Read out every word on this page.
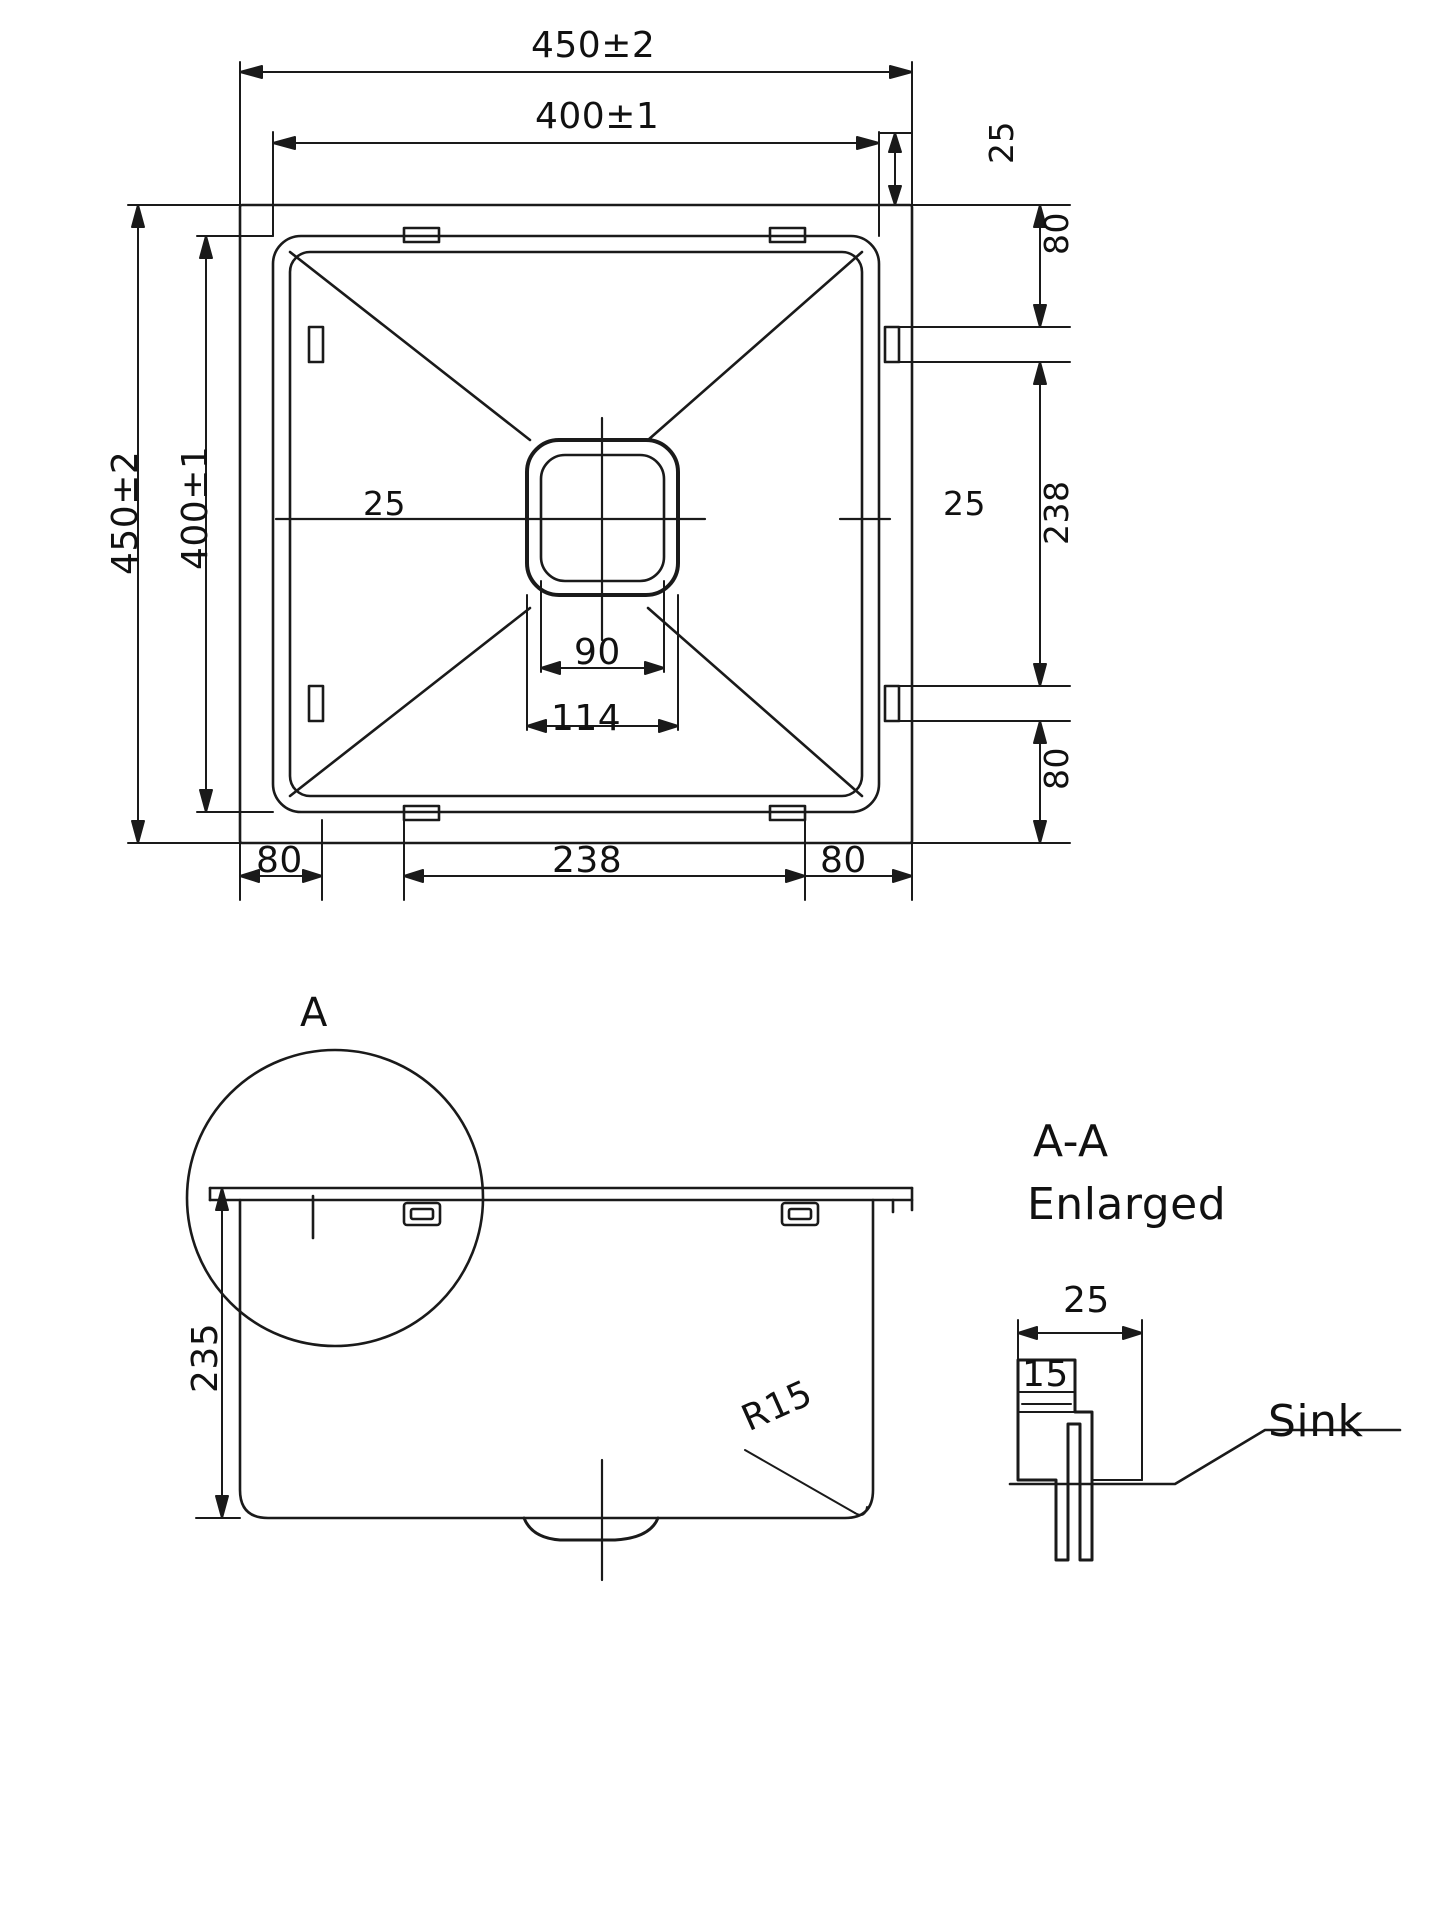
450±2
400±1
450±2 400±1
25
80
25 238
80
25
90
114
80	238	80
A
235
R15
A-A
Enlarged
25
15
Sink
